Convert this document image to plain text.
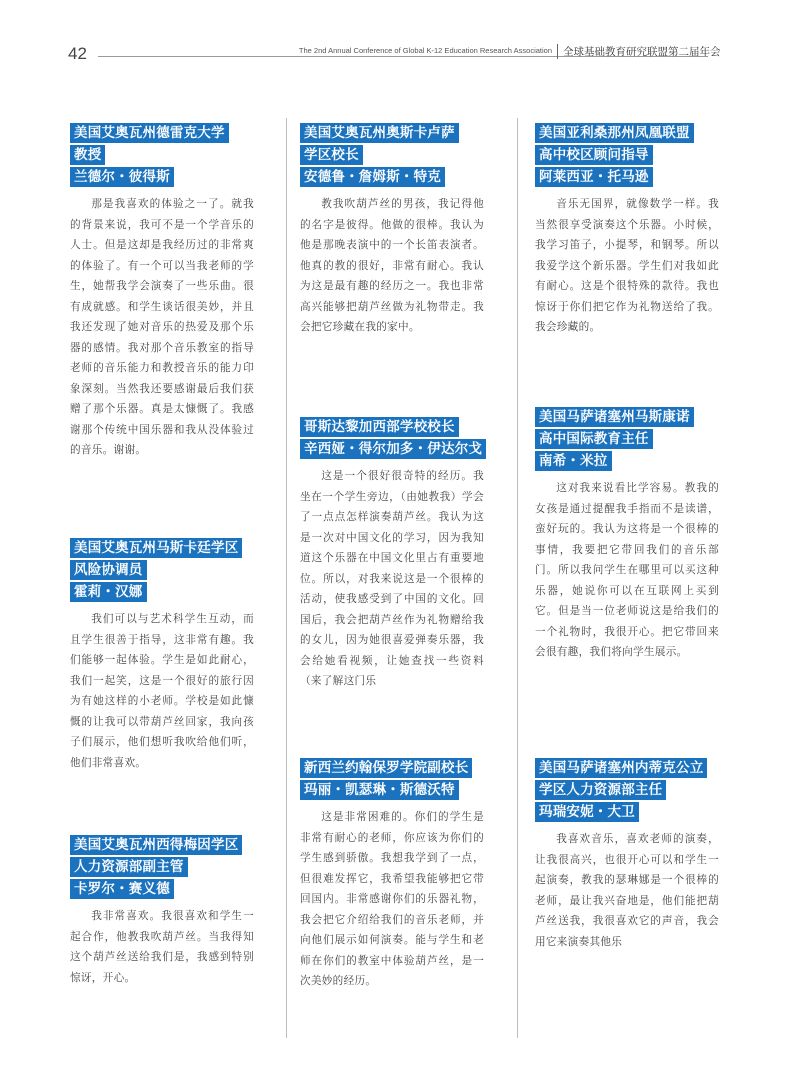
42	The 2nd Annual Conference of Global K-12 Education Research Association 全球基础教育研究联盟第二届年会
美国艾奥瓦州德雷克大学
教授
兰德尔・彼得斯
那是我喜欢的体验之一了。就我的背景来说，我可不是一个学音乐的人士。但是这却是我经历过的非常爽的体验了。有一个可以当我老师的学生，她帮我学会演奏了一些乐曲。很有成就感。和学生谈话很美妙，并且我还发现了她对音乐的热爱及那个乐器的感情。我对那个音乐教室的指导老师的音乐能力和教授音乐的能力印象深刻。当然我还要感谢最后我们获赠了那个乐器。真是太慷慨了。我感谢那个传统中国乐器和我从没体验过的音乐。谢谢。
美国艾奥瓦州马斯卡廷学区
风险协调员
霍莉・汉娜
我们可以与艺术科学生互动，而且学生很善于指导，这非常有趣。我们能够一起体验。学生是如此耐心，我们一起笑，这是一个很好的旅行因为有她这样的小老师。学校是如此慷慨的让我可以带葫芦丝回家，我向孩子们展示，他们想听我吹给他们听，他们非常喜欢。
美国艾奥瓦州西得梅因学区
人力资源部副主管
卡罗尔・赛义德
我非常喜欢。我很喜欢和学生一起合作，他教我吹葫芦丝。当我得知这个葫芦丝送给我们是，我感到特别惊讶，开心。
美国艾奥瓦州奥斯卡卢萨
学区校长
安德鲁・詹姆斯・特克
教我吹葫芦丝的男孩，我记得他的名字是彼得。他做的很棒。我认为他是那晚表演中的一个长笛表演者。他真的教的很好，非常有耐心。我认为这是最有趣的经历之一。我也非常高兴能够把葫芦丝做为礼物带走。我会把它珍藏在我的家中。
哥斯达黎加西部学校校长
辛西娅・得尔加多・伊达尔戈
这是一个很好很奇特的经历。我坐在一个学生旁边，（由她教我）学会了一点点怎样演奏葫芦丝。我认为这是一次对中国文化的学习，因为我知道这个乐器在中国文化里占有重要地位。所以，对我来说这是一个很棒的活动，使我感受到了中国的文化。回国后，我会把葫芦丝作为礼物赠给我的女儿，因为她很喜爱弹奏乐器，我会给她看视频，让她查找一些资料（来了解这门乐
新西兰约翰保罗学院副校长
玛丽・凯瑟琳・斯德沃特
这是非常困难的。你们的学生是非常有耐心的老师，你应该为你们的学生感到骄傲。我想我学到了一点，但很难发挥它，我希望我能够把它带回国内。非常感谢你们的乐器礼物，我会把它介绍给我们的音乐老师，并向他们展示如何演奏。能与学生和老师在你们的教室中体验葫芦丝，是一次美妙的经历。
美国亚利桑那州凤凰联盟
高中校区顾问指导
阿莱西亚・托马逊
音乐无国界，就像数学一样。我当然很享受演奏这个乐器。小时候，我学习笛子，小提琴，和钢琴。所以我爱学这个新乐器。学生们对我如此有耐心。这是个很特殊的款待。我也惊讶于你们把它作为礼物送给了我。我会珍藏的。
美国马萨诸塞州马斯康诺
高中国际教育主任
南希・米拉
这对我来说看比学容易。教我的女孩是通过提醒我手指而不是读谱，蛮好玩的。我认为这将是一个很棒的事情，我要把它带回我们的音乐部门。所以我问学生在哪里可以买这种乐器，她说你可以在互联网上买到它。但是当一位老师说这是给我们的一个礼物时，我很开心。把它带回来会很有趣，我们将向学生展示。
美国马萨诸塞州内蒂克公立
学区人力资源部主任
玛瑞安妮・大卫
我喜欢音乐，喜欢老师的演奏，让我很高兴，也很开心可以和学生一起演奏，教我的瑟琳娜是一个很棒的老师，最让我兴奋地是，他们能把葫芦丝送我，我很喜欢它的声音，我会用它来演奏其他乐
